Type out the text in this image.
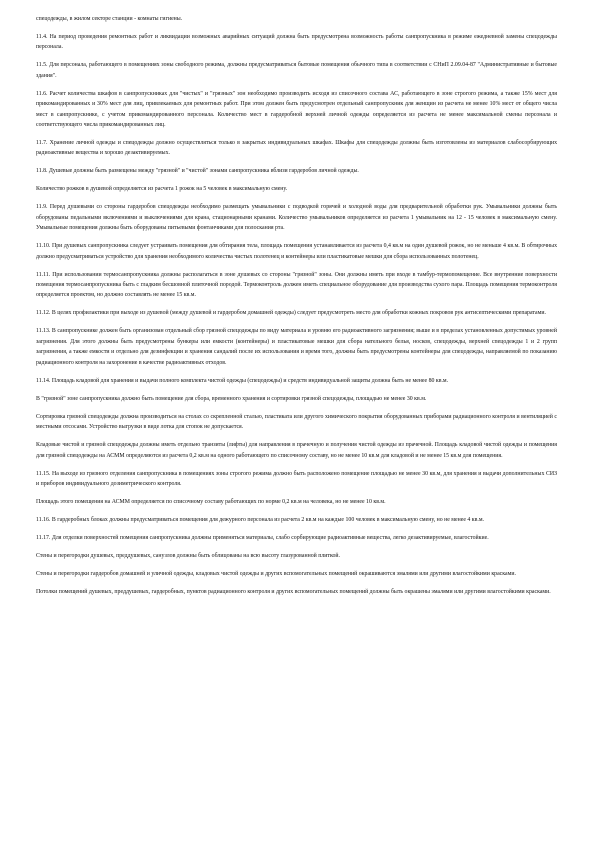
спецодежды, в жилом секторе станции - комнаты гигиены.

11.4. На период проведения ремонтных работ и ликвидации возможных аварийных ситуаций должна быть предусмотрена возможность работы санпропускника в режиме ежедневной замены спецодежды персонала.

11.5. Для персонала, работающего в помещениях зоны свободного режима, должны предусматриваться бытовые помещения обычного типа в соответствии с СНиП 2.09.04-87 "Административные и бытовые здания".

11.6. Расчет количества шкафов в санпропускниках для "чистых" и "грязных" зон необходимо производить исходя из списочного состава АС, работающего в зоне строгого режима, а также 15% мест для прикомандированных и 30% мест для лиц, привлекаемых для ремонтных работ. При этом должен быть предусмотрен отдельный санпропускник для женщин из расчета не менее 10% мест от общего числа мест в санпропускнике, с учетом прикомандированного персонала. Количество мест в гардеробной верхней личной одежды определяется из расчета не менее максимальной смены персонала и соответствующего числа прикомандированных лиц.

11.7. Хранение личной одежды и спецодежды должно осуществляться только в закрытых индивидуальных шкафах. Шкафы для спецодежды должны быть изготовлены из материалов слабосорбирующих радиоактивные вещества и хорошо дезактивируемых.

11.8. Душевые должны быть размещены между "грязной" и "чистой" зонами санпропускника вблизи гардеробов личной одежды.

Количество рожков в душевой определяется из расчета 1 рожок на 5 человек в максимальную смену.

11.9. Перед душевыми со стороны гардеробов спецодежды необходимо размещать умывальники с подводкой горячей и холодной воды для предварительной обработки рук. Умывальники должны быть оборудованы педальными включениями и выключениями для крана, стационарными кранами. Количество умывальников определяется из расчета 1 умывальник на 12 - 15 человек в максимальную смену. Умывальные помещения должны быть оборудованы питьевыми фонтанчиками для полоскания рта.

11.10. При душевых санпропускника следует устраивать помещения для обтирания тела, площадь помещения устанавливается из расчета 0,4 кв.м на один душевой рожок, но не меньше 4 кв.м. В обтирочных должно предусматриваться устройство для хранения необходимого количества чистых полотенец и контейнеры или пластикатовые мешки для сбора использованных полотенец.

11.11. При использовании термосанпропускника должны располагаться в зоне душевых со стороны "грязной" зоны. Они должны иметь при входе в тамбур-термопомещение. Все внутренние поверхности помещения термосанпропускника быть с гладким бесшовной плиточной породой. Термоконтроль должен иметь специальное оборудование для производства сухого пара. Площадь помещения термоконтроля определяется проектом, но должно составлять не менее 15 кв.м.

11.12. В целях профилактики при выходе из душевой (между душевой и гардеробом домашней одежды) следует предусмотреть место для обработки кожных покровов рук антисептическими препаратами.

11.13. В санпропускнике должен быть организован отдельный сбор грязной спецодежды по виду материала и уровню его радиоактивного загрязнения; выше и в пределах установленных допустимых уровней загрязнения. Для этого должны быть предусмотрены бункеры или емкости (контейнеры) и пластикатовые мешки для сбора нательного белья, носков, спецодежды, верхней спецодежды 1 и 2 групп загрязнения, а также емкости и отдельно для дезинфекции и хранения сандалий после их использования и время того, должны быть предусмотрены контейнеры для спецодежды, направляемой по показанию радиационного контроля на захоронение в качестве радиоактивных отходов.

11.14. Площадь кладовой для хранения и выдачи полного комплекта чистой одежды (спецодежды) и средств индивидуальной защиты должна быть не менее 80 кв.м.

В "грязной" зоне санпропускника должно быть помещение для сбора, временного хранения и сортировки грязной спецодежды, площадью не менее 30 кв.м.

Сортировка грязной спецодежды должна производиться на столах со скрепленной сталью, пластиката или другого химического покрытия оборудованных приборами радиационного контроля и вентиляцией с местными отсосами. Устройство выгрузки в виде лотка для стопок не допускается.

Кладовые чистой и грязной спецодежды должны иметь отдельно транзиты (лифты) для направления в прачечную и получения чистой одежды из прачечной. Площадь кладовой чистой одежды и помещения для грязной спецодежды на АСММ определяются из расчета 0,2 кв.м на одного работающего по списочному составу, но не менее 10 кв.м для кладовой и не менее 15 кв.м для помещения.

11.15. На выходе из грязного отделения санпропускника в помещениях зоны строгого режима должно быть расположено помещение площадью не менее 30 кв.м, для хранения и выдачи дополнительных СИЗ и приборов индивидуального дозиметрического контроля.

Площадь этого помещения на АСММ определяется по списочному составу работающих по норме 0,2 кв.м на человека, но не менее 10 кв.м.

11.16. В гардеробных блоках должны предусматриваться помещения для дежурного персонала из расчета 2 кв.м на каждые 100 человек в максимальную смену, но не менее 4 кв.м.

11.17. Для отделки поверхностей помещения санпропускника должны применяться материалы, слабо сорбирующие радиоактивные вещества, легко дезактивируемые, влагостойкие.

Стены и перегородки душевых, преддушевых, санузлов должны быть облицованы на всю высоту глазурованной плиткой.

Стены и перегородки гардеробов домашней и уличной одежды, кладовых чистой одежды и других вспомогательных помещений окрашиваются эмалями или другими влагостойкими красками.

Потолки помещений душевых, преддушевых, гардеробных, пунктов радиационного контроля и других вспомогательных помещений должны быть окрашены эмалями или другими влагостойкими красками.
